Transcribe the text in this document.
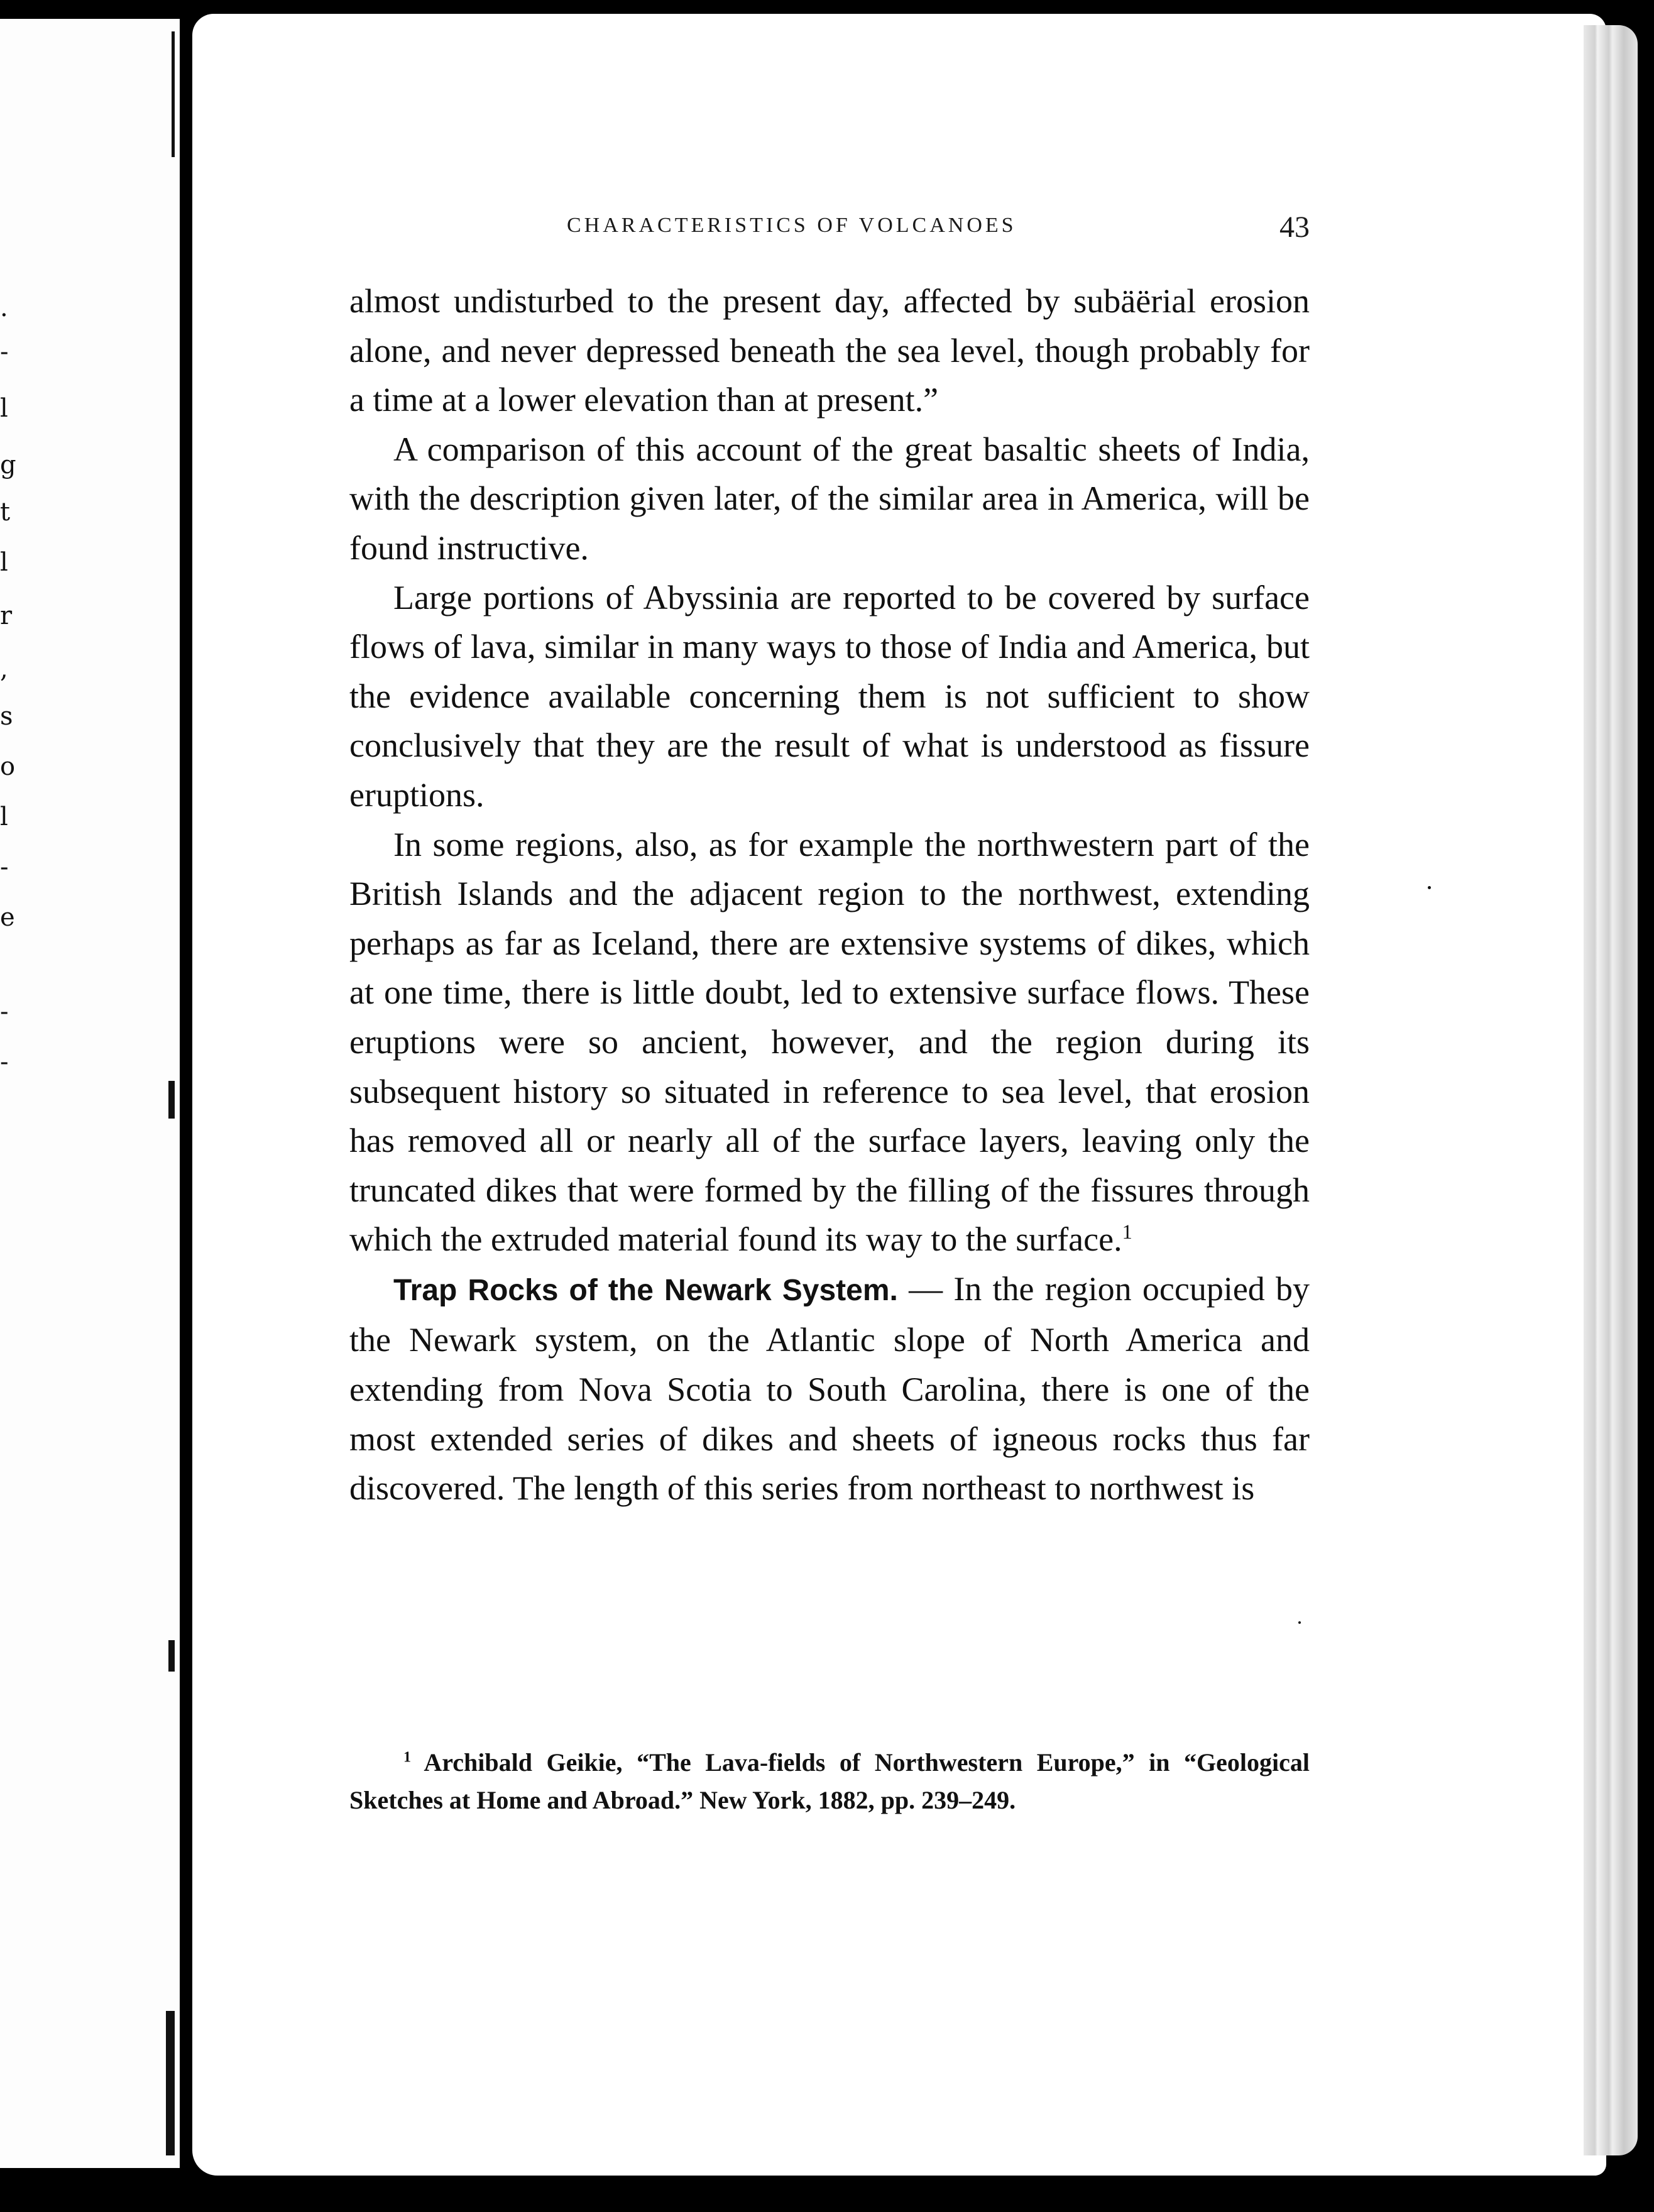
.
-
l
g
t
l
r
,
s
o
l
-
e
-
-
CHARACTERISTICS OF VOLCANOES	43

almost undisturbed to the present day, affected by subäërial erosion alone, and never depressed beneath the sea level, though probably for a time at a lower elevation than at present.”

A comparison of this account of the great basaltic sheets of India, with the description given later, of the similar area in America, will be found instructive.

Large portions of Abyssinia are reported to be covered by surface flows of lava, similar in many ways to those of India and America, but the evidence available concerning them is not sufficient to show conclusively that they are the result of what is understood as fissure eruptions.

In some regions, also, as for example the northwestern part of the British Islands and the adjacent region to the northwest, extending perhaps as far as Iceland, there are extensive systems of dikes, which at one time, there is little doubt, led to extensive surface flows. These eruptions were so ancient, however, and the region during its subsequent history so situated in reference to sea level, that erosion has removed all or nearly all of the surface layers, leaving only the truncated dikes that were formed by the filling of the fissures through which the extruded material found its way to the surface.$^1$

Trap Rocks of the Newark System. — In the region occupied by the Newark system, on the Atlantic slope of North America and extending from Nova Scotia to South Carolina, there is one of the most extended series of dikes and sheets of igneous rocks thus far discovered. The length of this series from northeast to northwest is

$^1$ Archibald Geikie, “The Lava-fields of Northwestern Europe,” in “Geological Sketches at Home and Abroad.” New York, 1882, pp. 239–249.
